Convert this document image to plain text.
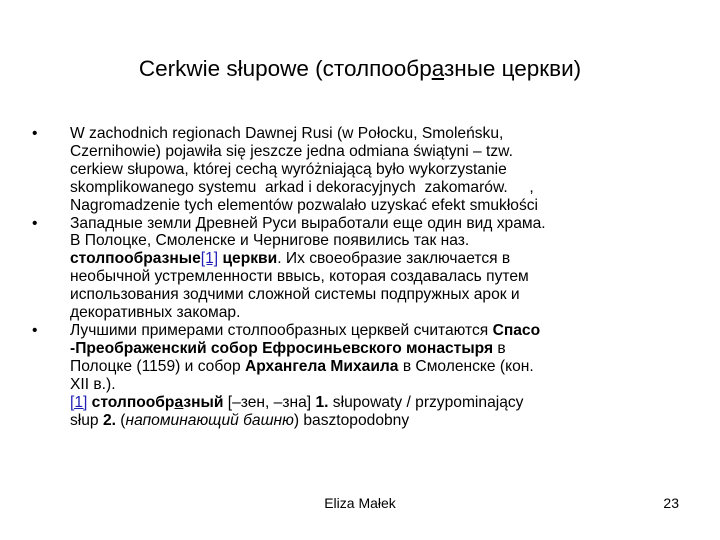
Cerkwie słupowe (столпообразные церкви)
• W zachodnich regionach Dawnej Rusi (w Połocku, Smoleńsku,
Czernihowie) pojawiła się jeszcze jedna odmiana świątyni – tzw.
cerkiew słupowa, której cechą wyróżniającą było wykorzystanie
skomplikowanego systemu  arkad i dekoracyjnych  zakomarów.     ,
Nagromadzenie tych elementów pozwalało uzyskać efekt smukłości
• Западные земли Древней Руси выработали еще один вид храма.
В Полоцке, Смоленске и Чернигове появились так наз.
столпообразные[1] церкви. Их своеобразие заключается в
необычной устремленности ввысь, которая создавалась путем
использования зодчими сложной системы подпружных арок и
декоративных закомар.
• Лучшими примерами столпообразных церквей считаются Спасо
-Преображенский собор Ефросиньевского монастыря в
Полоцке (1159) и собор Архангела Михаила в Смоленске (кон.
XII в.).
[1] столпообразный [–зен, –зна] 1. słupowaty / przypominający
słup 2. (напоминающий башню) basztopodobny
Eliza Małek	23
